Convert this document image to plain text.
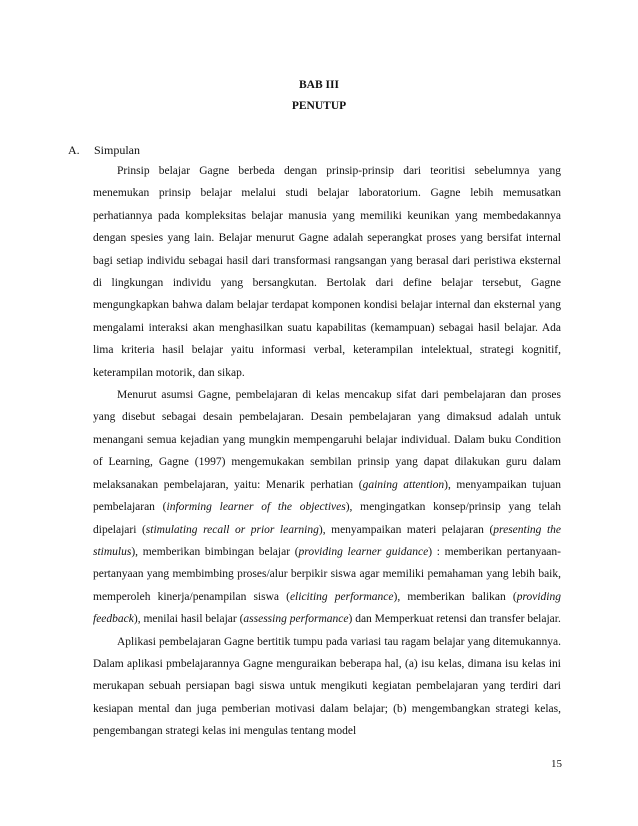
BAB III
PENUTUP
A. Simpulan

Prinsip belajar Gagne berbeda dengan prinsip-prinsip dari teoritisi sebelumnya yang menemukan prinsip belajar melalui studi belajar laboratorium. Gagne lebih memusatkan perhatiannya pada kompleksitas belajar manusia yang memiliki keunikan yang membedakannya dengan spesies yang lain. Belajar menurut Gagne adalah seperangkat proses yang bersifat internal bagi setiap individu sebagai hasil dari transformasi rangsangan yang berasal dari peristiwa eksternal di lingkungan individu yang bersangkutan. Bertolak dari define belajar tersebut, Gagne mengungkapkan bahwa dalam belajar terdapat komponen kondisi belajar internal dan eksternal yang mengalami interaksi akan menghasilkan suatu kapabilitas (kemampuan) sebagai hasil belajar. Ada lima kriteria hasil belajar yaitu informasi verbal, keterampilan intelektual, strategi kognitif, keterampilan motorik, dan sikap.

Menurut asumsi Gagne, pembelajaran di kelas mencakup sifat dari pembelajaran dan proses yang disebut sebagai desain pembelajaran. Desain pembelajaran yang dimaksud adalah untuk menangani semua kejadian yang mungkin mempengaruhi belajar individual. Dalam buku Condition of Learning, Gagne (1997) mengemukakan sembilan prinsip yang dapat dilakukan guru dalam melaksanakan pembelajaran, yaitu: Menarik perhatian (gaining attention), menyampaikan tujuan pembelajaran (informing learner of the objectives), mengingatkan konsep/prinsip yang telah dipelajari (stimulating recall or prior learning), menyampaikan materi pelajaran (presenting the stimulus), memberikan bimbingan belajar (providing learner guidance) : memberikan pertanyaan-pertanyaan yang membimbing proses/alur berpikir siswa agar memiliki pemahaman yang lebih baik, memperoleh kinerja/penampilan siswa (eliciting performance), memberikan balikan (providing feedback), menilai hasil belajar (assessing performance) dan Memperkuat retensi dan transfer belajar.

Aplikasi pembelajaran Gagne bertitik tumpu pada variasi tau ragam belajar yang ditemukannya. Dalam aplikasi pmbelajarannya Gagne menguraikan beberapa hal, (a) isu kelas, dimana isu kelas ini merukapan sebuah persiapan bagi siswa untuk mengikuti kegiatan pembelajaran yang terdiri dari kesiapan mental dan juga pemberian motivasi dalam belajar; (b) mengembangkan strategi kelas, pengembangan strategi kelas ini mengulas tentang model

15
